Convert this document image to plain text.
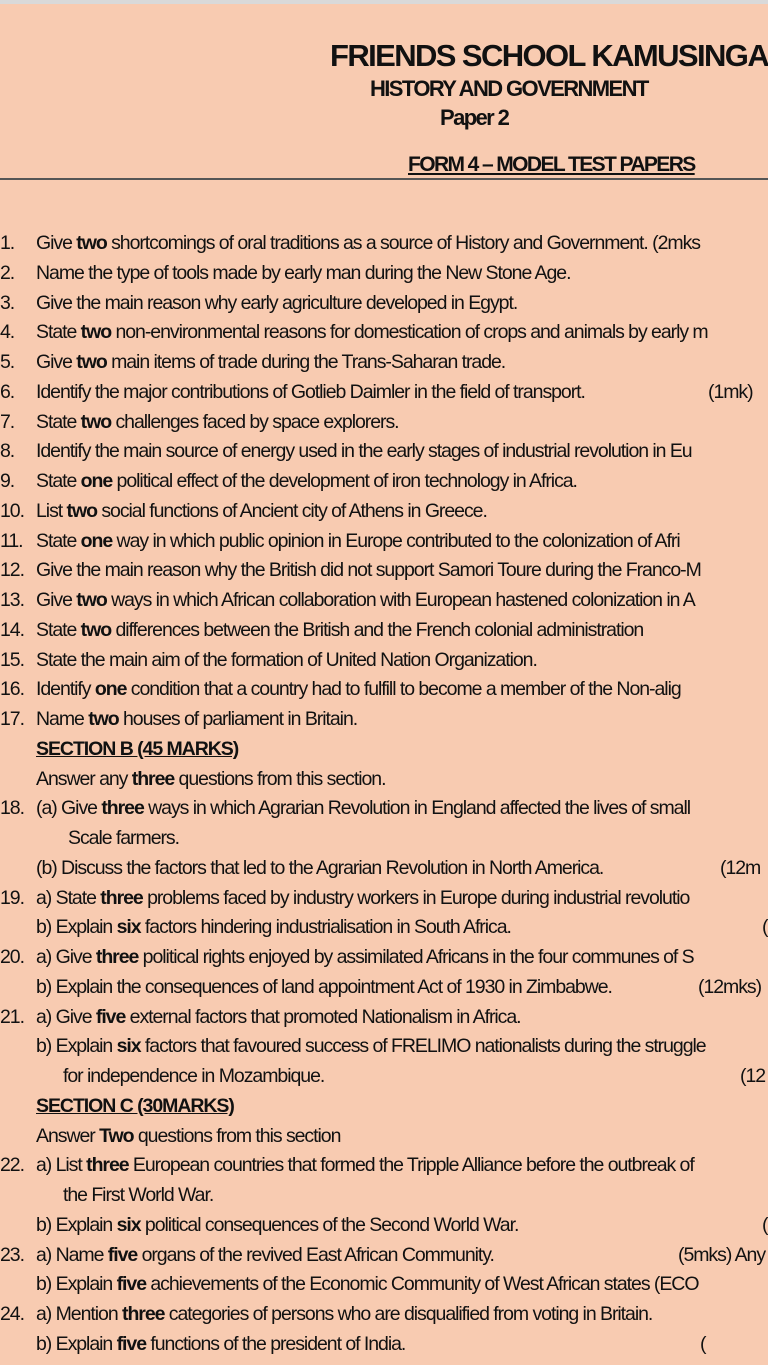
FRIENDS SCHOOL KAMUSINGA
HISTORY AND GOVERNMENT
Paper 2
FORM 4 – MODEL TEST PAPERS
1. Give two shortcomings of oral traditions as a source of History and Government. (2mks
2. Name the type of tools made by early man during the New Stone Age.
3. Give the main reason why early agriculture developed in Egypt.
4. State two non-environmental reasons for domestication of crops and animals by early m
5. Give two main items of trade during the Trans-Saharan trade.
6. Identify the major contributions of Gotlieb Daimler in the field of transport.	(1mk)
7. State two challenges faced by space explorers.
8. Identify the main source of energy used in the early stages of industrial revolution in Eu
9. State one political effect of the development of iron technology in Africa.
10. List two social functions of Ancient city of Athens in Greece.
11. State one way in which public opinion in Europe contributed to the colonization of Afri
12. Give the main reason why the British did not support Samori Toure during the Franco-M
13. Give two ways in which African collaboration with European hastened colonization in A
14. State two differences between the British and the French colonial administration
15. State the main aim of the formation of United Nation Organization.
16. Identify one condition that a country had to fulfill to become a member of the Non-alig
17. Name two houses of parliament in Britain.
SECTION B (45 MARKS)
Answer any three questions from this section.
18. (a) Give three ways in which Agrarian Revolution in England affected the lives of small
Scale farmers.
(b) Discuss the factors that led to the Agrarian Revolution in North America.	(12m
19. a) State three problems faced by industry workers in Europe during industrial revolutio
b) Explain six factors hindering industrialisation in South Africa.	(
20. a) Give three political rights enjoyed by assimilated Africans in the four communes of S
b) Explain the consequences of land appointment Act of 1930 in Zimbabwe.	(12mks)
21. a) Give five external factors that promoted Nationalism in Africa.
b) Explain six factors that favoured success of FRELIMO nationalists during the struggle
for independence in Mozambique.	(12
SECTION C (30MARKS)
Answer Two questions from this section
22. a) List three European countries that formed the Tripple Alliance before the outbreak of
the First World War.
b) Explain six political consequences of the Second World War.	(
23. a) Name five organs of the revived East African Community.	(5mks) Any
b) Explain five achievements of the Economic Community of West African states (ECO
24. a) Mention three categories of persons who are disqualified from voting in Britain.
b) Explain five functions of the president of India.	(
